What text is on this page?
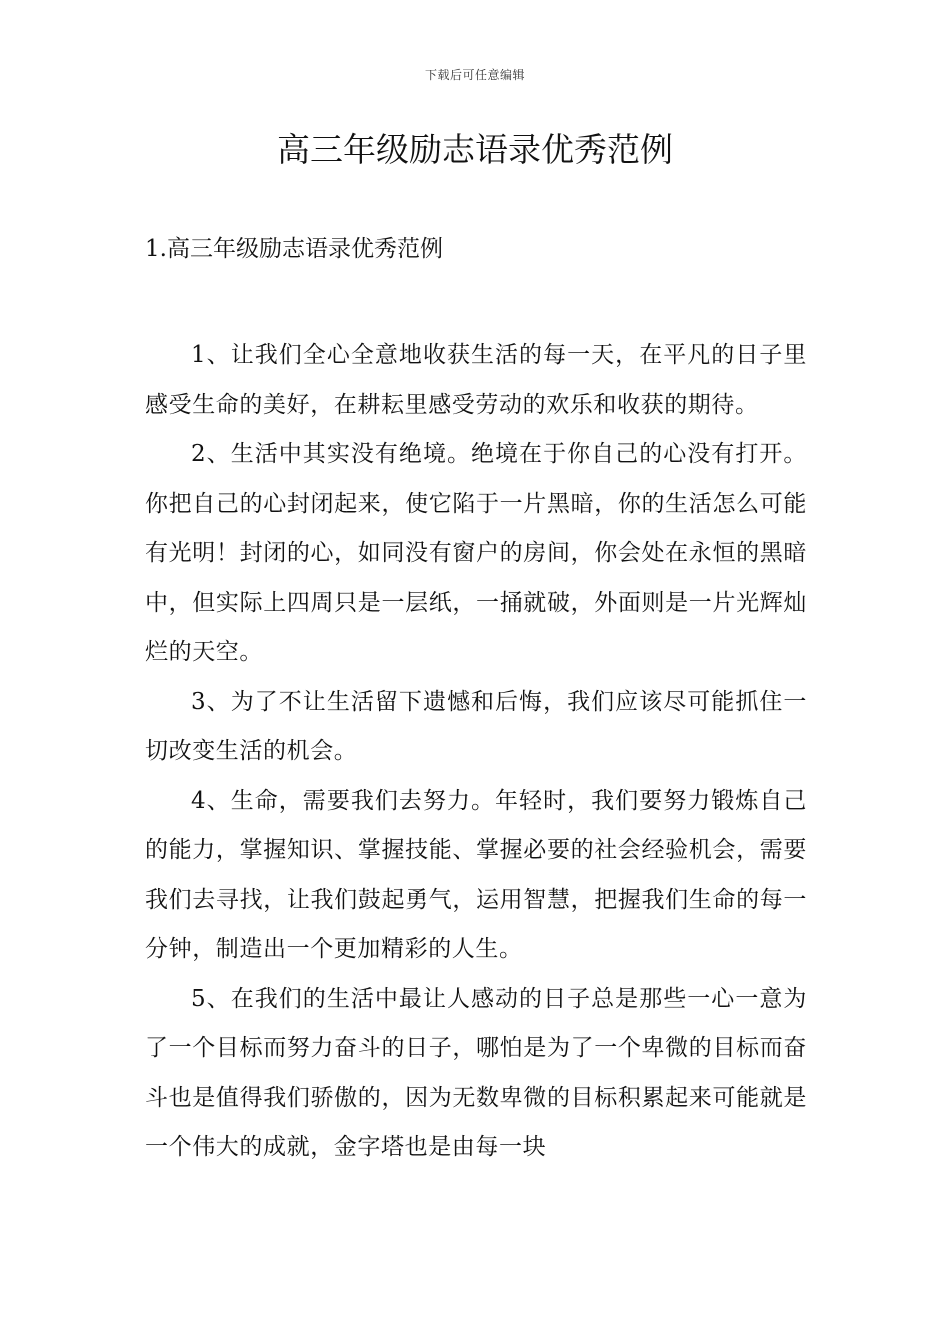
下载后可任意编辑
高三年级励志语录优秀范例
1.高三年级励志语录优秀范例

1、让我们全心全意地收获生活的每一天，在平凡的日子里感受生命的美好，在耕耘里感受劳动的欢乐和收获的期待。

2、生活中其实没有绝境。绝境在于你自己的心没有打开。你把自己的心封闭起来，使它陷于一片黑暗，你的生活怎么可能有光明！封闭的心，如同没有窗户的房间，你会处在永恒的黑暗中，但实际上四周只是一层纸，一捅就破，外面则是一片光辉灿烂的天空。

3、为了不让生活留下遗憾和后悔，我们应该尽可能抓住一切改变生活的机会。

4、生命，需要我们去努力。年轻时，我们要努力锻炼自己的能力，掌握知识、掌握技能、掌握必要的社会经验机会，需要我们去寻找，让我们鼓起勇气，运用智慧，把握我们生命的每一分钟，制造出一个更加精彩的人生。

5、在我们的生活中最让人感动的日子总是那些一心一意为了一个目标而努力奋斗的日子，哪怕是为了一个卑微的目标而奋斗也是值得我们骄傲的，因为无数卑微的目标积累起来可能就是一个伟大的成就，金字塔也是由每一块
